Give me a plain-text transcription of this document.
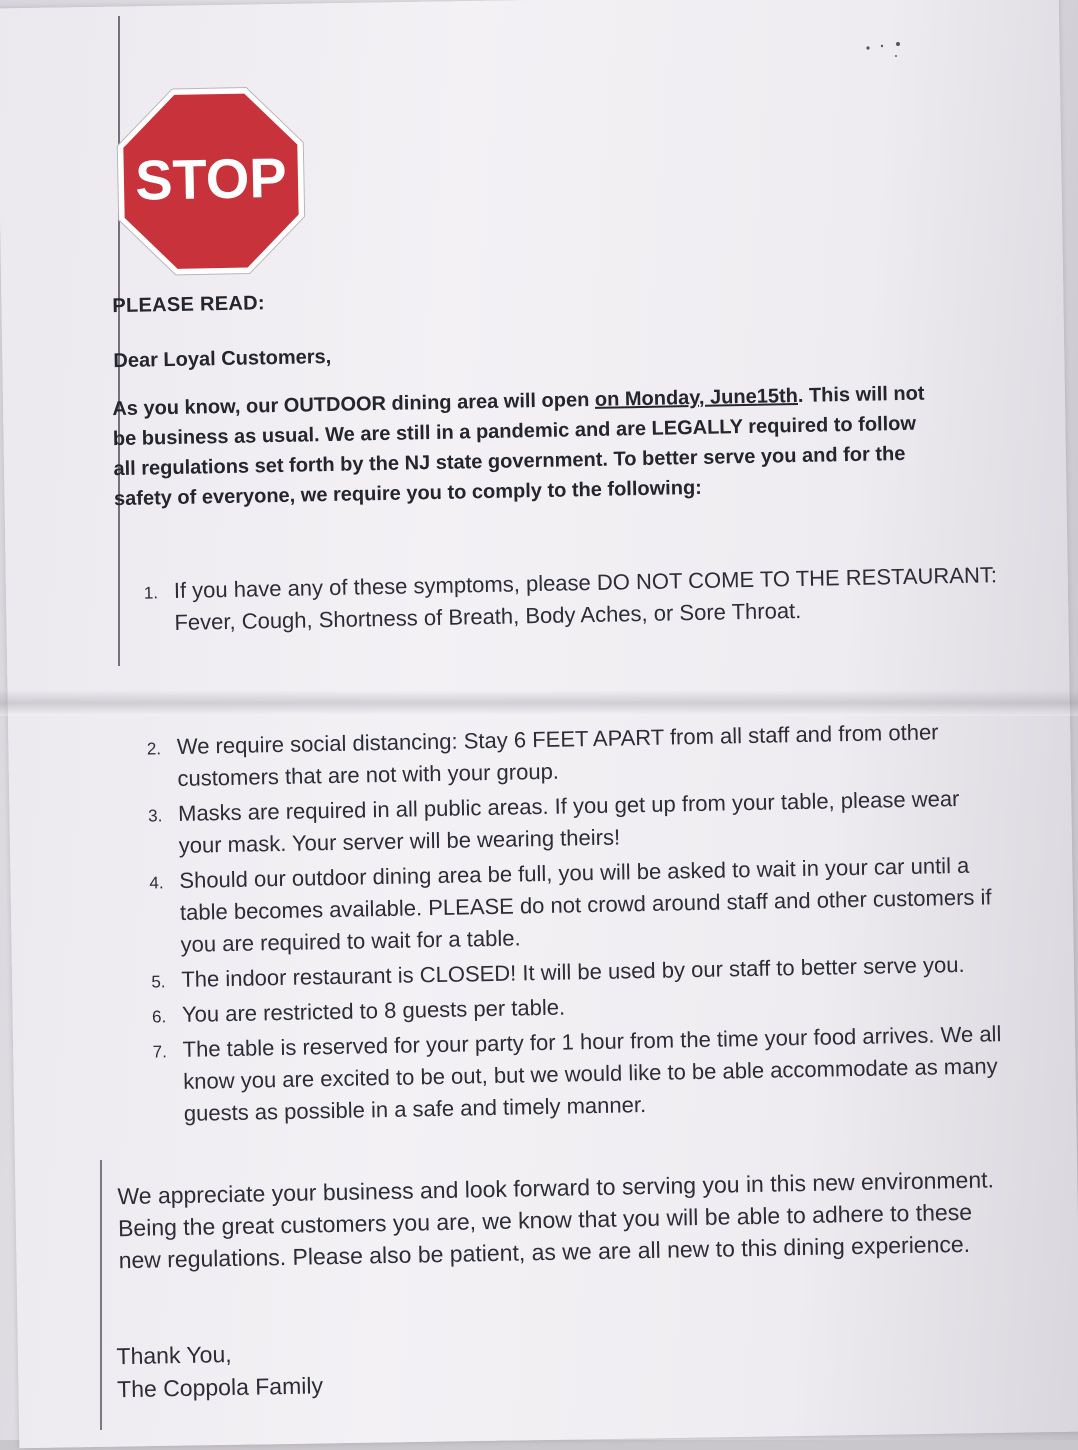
STOP
PLEASE READ:
Dear Loyal Customers,
As you know, our OUTDOOR dining area will open on Monday, June15th. This will not be business as usual. We are still in a pandemic and are LEGALLY required to follow all regulations set forth by the NJ state government. To better serve you and for the safety of everyone, we require you to comply to the following:
1. If you have any of these symptoms, please DO NOT COME TO THE RESTAURANT: Fever, Cough, Shortness of Breath, Body Aches, or Sore Throat.
2. We require social distancing: Stay 6 FEET APART from all staff and from other customers that are not with your group.
3. Masks are required in all public areas. If you get up from your table, please wear your mask. Your server will be wearing theirs!
4. Should our outdoor dining area be full, you will be asked to wait in your car until a table becomes available. PLEASE do not crowd around staff and other customers if you are required to wait for a table.
5. The indoor restaurant is CLOSED! It will be used by our staff to better serve you.
6. You are restricted to 8 guests per table.
7. The table is reserved for your party for 1 hour from the time your food arrives. We all know you are excited to be out, but we would like to be able accommodate as many guests as possible in a safe and timely manner.
We appreciate your business and look forward to serving you in this new environment. Being the great customers you are, we know that you will be able to adhere to these new regulations. Please also be patient, as we are all new to this dining experience.
Thank You,
The Coppola Family
